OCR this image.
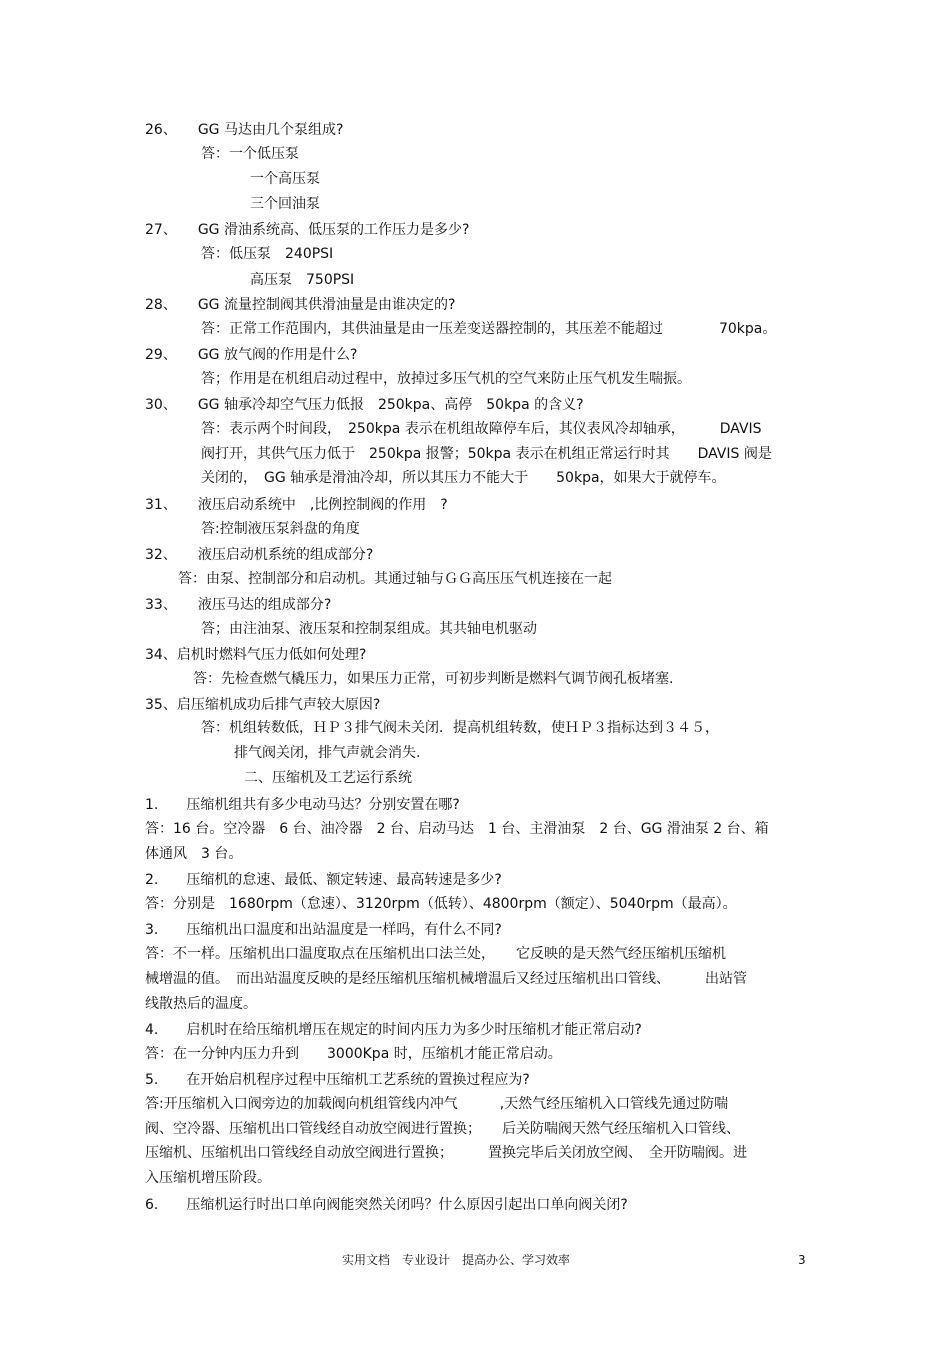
26、　　GG 马达由几个泵组成?
答：一个低压泵
一个高压泵
三个回油泵
27、　　GG 滑油系统高、低压泵的工作压力是多少?
答：低压泵　240PSI
高压泵　750PSI
28、　　GG 流量控制阀其供滑油量是由谁决定的?
答：正常工作范围内，其供油量是由一压差变送器控制的，其压差不能超过　　　　70kpa。
29、　　GG 放气阀的作用是什么?
答；作用是在机组启动过程中，放掉过多压气机的空气来防止压气机发生喘振。
30、　　GG 轴承冷却空气压力低报　250kpa、高停　50kpa 的含义?
答：表示两个时间段，　250kpa 表示在机组故障停车后，其仪表风冷却轴承，　　　DAVIS
阀打开，其供气压力低于　250kpa 报警；50kpa 表示在机组正常运行时其　　DAVIS 阀是
关闭的，　GG 轴承是滑油冷却，所以其压力不能大于　　50kpa，如果大于就停车。
31、　　液压启动系统中　,比例控制阀的作用　?
答:控制液压泵斜盘的角度
32、　　液压启动机系统的组成部分?
答：由泵、控制部分和启动机。其通过轴与ＧＧ高压压气机连接在一起
33、　　液压马达的组成部分?
答；由注油泵、液压泵和控制泵组成。其共轴电机驱动
34、启机时燃料气压力低如何处理?
答：先检查燃气橇压力，如果压力正常，可初步判断是燃料气调节阀孔板堵塞.
35、启压缩机成功后排气声较大原因?
答：机组转数低，ＨＰ３排气阀未关闭．提高机组转数，使ＨＰ３指标达到３４５，
排气阀关闭，排气声就会消失.
二、压缩机及工艺运行系统
1.　　压缩机组共有多少电动马达？分别安置在哪?
答：16 台。空冷器　6 台、油冷器　2 台、启动马达　1 台、主滑油泵　2 台、GG 滑油泵 2 台、箱
体通风　3 台。
2.　　压缩机的怠速、最低、额定转速、最高转速是多少?
答：分别是　1680rpm（怠速）、3120rpm（低转）、4800rpm（额定）、5040rpm（最高）。
3.　　压缩机出口温度和出站温度是一样吗，有什么不同?
答：不一样。压缩机出口温度取点在压缩机出口法兰处，　　它反映的是天然气经压缩机压缩机
械增温的值。　而出站温度反映的是经压缩机压缩机械增温后又经过压缩机出口管线、　　　出站管
线散热后的温度。
4.　　启机时在给压缩机增压在规定的时间内压力为多少时压缩机才能正常启动?
答：在一分钟内压力升到　　3000Kpa 时，压缩机才能正常启动。
5.　　在开始启机程序过程中压缩机工艺系统的置换过程应为?
答:开压缩机入口阀旁边的加载阀向机组管线内冲气　　　,天然气经压缩机入口管线先通过防喘
阀、空冷器、压缩机出口管线经自动放空阀进行置换；　　后关防喘阀天然气经压缩机入口管线、
压缩机、压缩机出口管线经自动放空阀进行置换；　　　置换完毕后关闭放空阀、　全开防喘阀。进
入压缩机增压阶段。
6.　　压缩机运行时出口单向阀能突然关闭吗？什么原因引起出口单向阀关闭?
实用文档　专业设计　提高办公、学习效率	3
